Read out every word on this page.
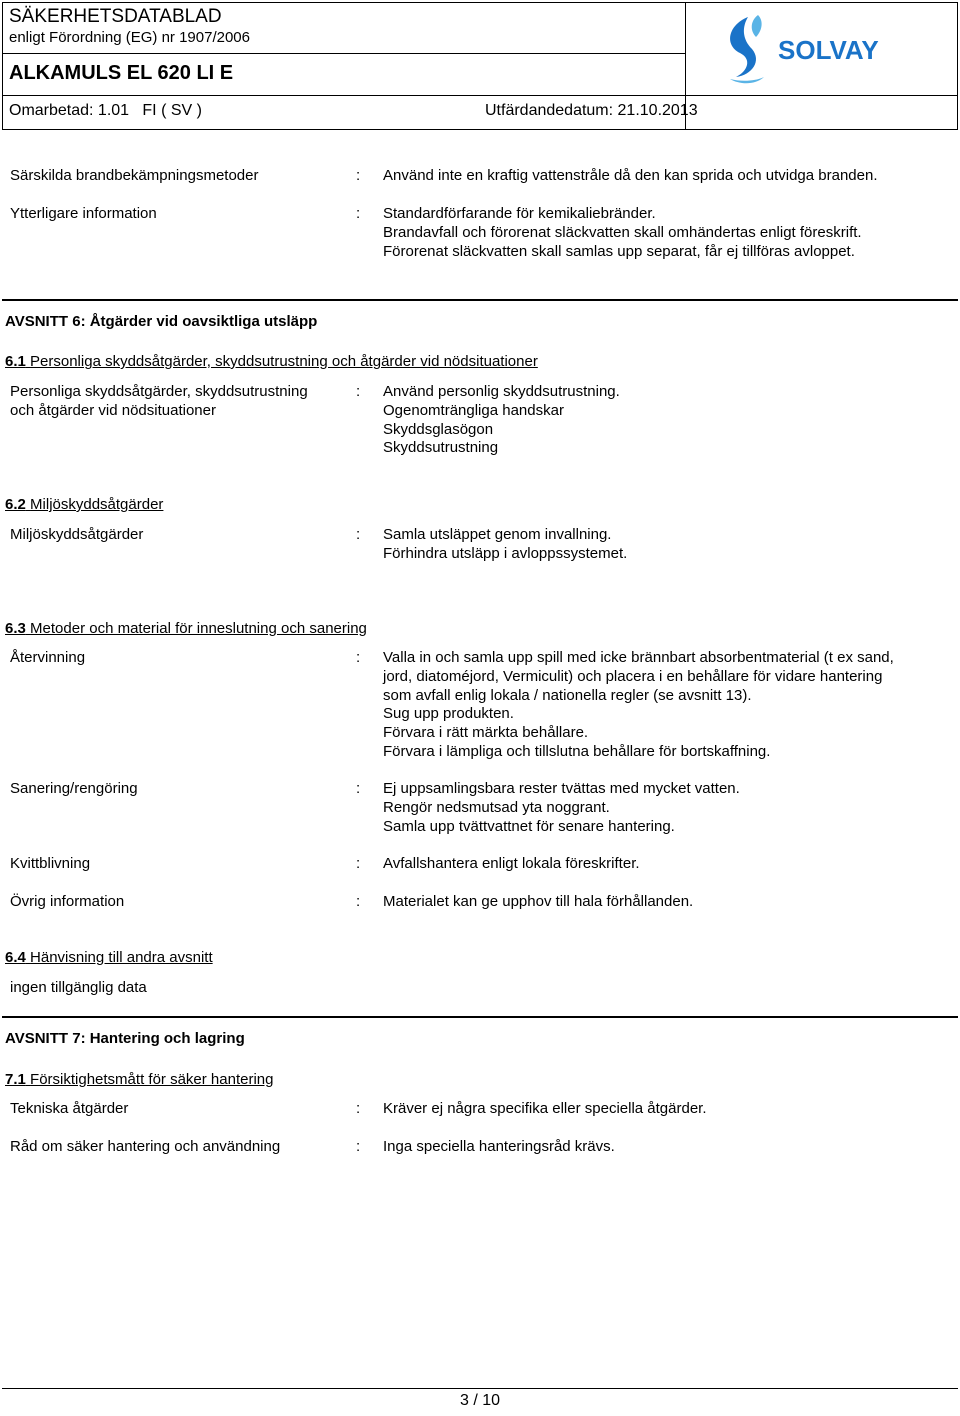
SÄKERHETSDATABLAD
enligt Förordning (EG) nr 1907/2006
ALKAMULS EL 620 LI E
Omarbetad: 1.01   FI ( SV )	Utfärdandedatum: 21.10.2013
SOLVAY
Särskilda brandbekämpningsmetoder	: Använd inte en kraftig vattenstråle då den kan sprida och utvidga branden.
Ytterligare information	: Standardförfarande för kemikaliebränder.
Brandavfall och förorenat släckvatten skall omhändertas enligt föreskrift.
Förorenat släckvatten skall samlas upp separat, får ej tillföras avloppet.
AVSNITT 6: Åtgärder vid oavsiktliga utsläpp
6.1 Personliga skyddsåtgärder, skyddsutrustning och åtgärder vid nödsituationer
Personliga skyddsåtgärder, skyddsutrustning
och åtgärder vid nödsituationer
: Använd personlig skyddsutrustning.
Ogenomträngliga handskar
Skyddsglasögon
Skyddsutrustning
6.2 Miljöskyddsåtgärder
Miljöskyddsåtgärder	: Samla utsläppet genom invallning.
Förhindra utsläpp i avloppssystemet.
6.3 Metoder och material för inneslutning och sanering
Återvinning	: Valla in och samla upp spill med icke brännbart absorbentmaterial (t ex sand,
jord, diatoméjord, Vermiculit) och placera i en behållare för vidare hantering
som avfall enlig lokala / nationella regler (se avsnitt 13).
Sug upp produkten.
Förvara i rätt märkta behållare.
Förvara i lämpliga och tillslutna behållare för bortskaffning.
Sanering/rengöring	: Ej uppsamlingsbara rester tvättas med mycket vatten.
Rengör nedsmutsad yta noggrant.
Samla upp tvättvattnet för senare hantering.
Kvittblivning	: Avfallshantera enligt lokala föreskrifter.
Övrig information	: Materialet kan ge upphov till hala förhållanden.
6.4 Hänvisning till andra avsnitt
ingen tillgänglig data
AVSNITT 7: Hantering och lagring
7.1 Försiktighetsmått för säker hantering
Tekniska åtgärder	: Kräver ej några specifika eller speciella åtgärder.
Råd om säker hantering och användning	: Inga speciella hanteringsråd krävs.
3 / 10
